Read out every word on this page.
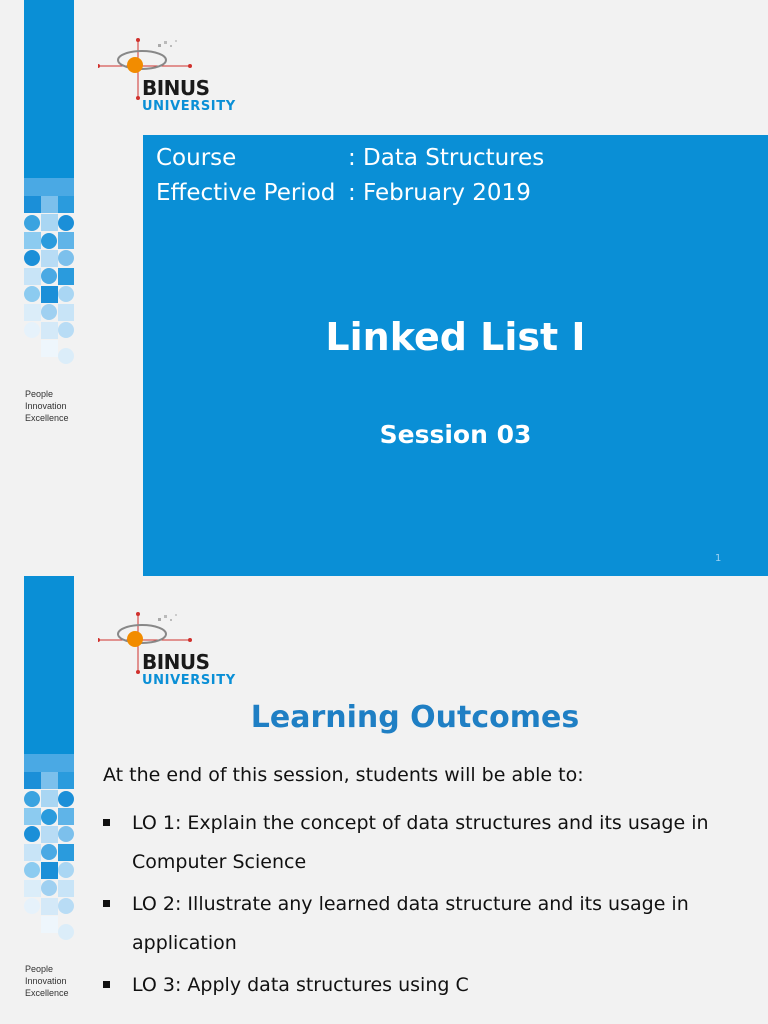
People
Innovation
Excellence
BINUS
UNIVERSITY
Course	: Data Structures
Effective Period : February 2019
Linked List I
Session 03
1
People
Innovation
Excellence
BINUS
UNIVERSITY
Learning Outcomes
At the end of this session, students will be able to:
LO 1: Explain the concept of data structures and its usage in Computer Science
LO 2: Illustrate any learned data structure and its usage in application
LO 3: Apply data structures using C
